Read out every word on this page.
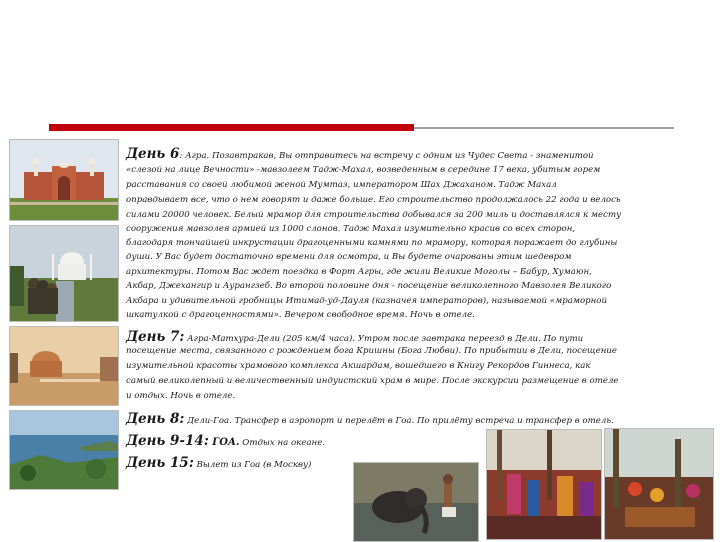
День 6: Агра. Позавтракав, Вы отправитесь на встречу с одним из Чудес Света - знаменитой
«слезой на лице Вечности» -мавзолеем Тадж-Махал, возведенным в середине 17 века, убитым горем
расставания со своей любимой женой Мумтаз, императором Шах Джаханом. Тадж Махал
оправдывает все, что о нем говорят и даже больше. Его строительство продолжалось 22 года и велось
силами 20000 человек. Белый мрамор для строительства добывался за 200 миль и доставлялся к месту
сооружения мавзолея армией из 1000 слонов. Тадж Махал изумительно красив со всех сторон,
благодаря тончайшей инкрустации драгоценными камнями по мрамору, которая поражает до глубины
души. У Вас будет достаточно времени для осмотра, и Вы будете очарованы этим шедевром
архитектуры. Потом Вас ждет поездка в Форт Агры, где жили Великие Моголы – Бабур, Хумаюн,
Акбар, Джехангир и Аурангзеб. Во второй половине дня - посещение великолепного Мавзолея Великого
Акбара и удивительной гробницы Итимад-уд-Дауля (казначея императоров), называемой «мраморной
шкатулкой с драгоценностями». Вечером свободное время. Ночь в отеле.
День 7: Агра-Матхура-Дели (205 км/4 часа). Утром после завтрака переезд в Дели. По пути
посещение места, связанного с рождением бога Кришны (Бога Любви). По прибытии в Дели, посещение
изумительной красоты храмового комплекса Акшардам, вошедшего в Книгу Рекордов Гиннеса, как
самый великолепный и величественный индуистский храм в мире. После экскурсии размещение в отеле
и отдых. Ночь в отеле.
День 8: Дели-Гоа. Трансфер в аэропорт и перелёт в Гоа. По прилёту встреча и трансфер в отель.
День 9-14: ГОА. Отдых на океане.
День 15: Вылет из Гоа (в Москву)
